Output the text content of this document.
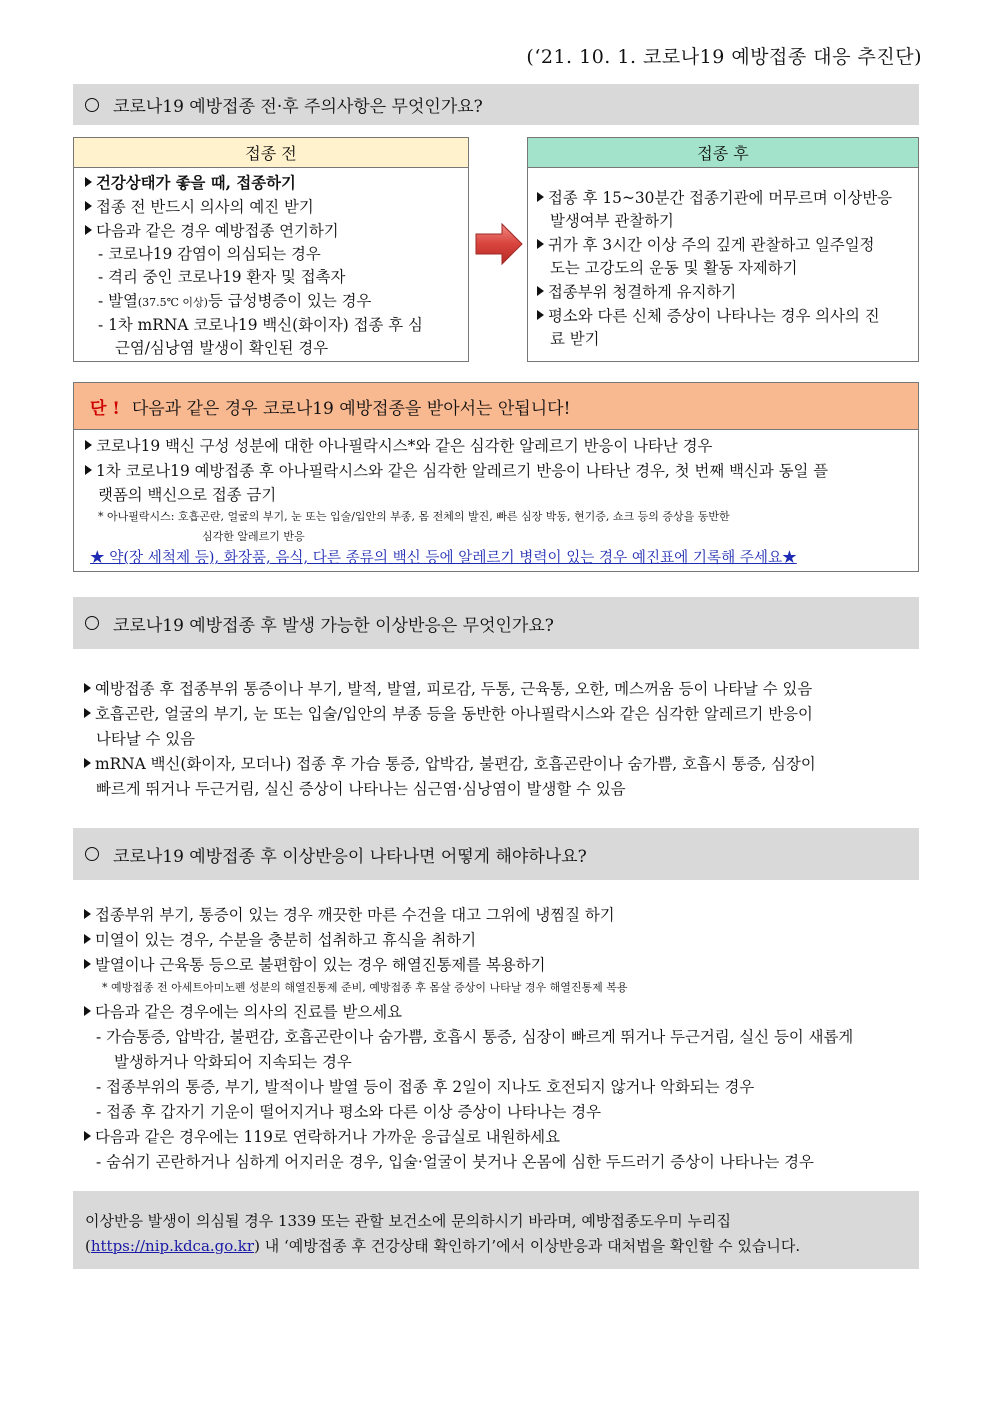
(‘21. 10. 1. 코로나19 예방접종 대응 추진단)
코로나19 예방접종 전·후 주의사항은 무엇인가요?
접종 전
건강상태가 좋을 때, 접종하기
접종 전 반드시 의사의 예진 받기
다음과 같은 경우 예방접종 연기하기
- 코로나19 감염이 의심되는 경우
- 격리 중인 코로나19 환자 및 접촉자
- 발열(37.5℃ 이상)등 급성병증이 있는 경우
- 1차 mRNA 코로나19 백신(화이자) 접종 후 심
근염/심낭염 발생이 확인된 경우
접종 후
접종 후 15~30분간 접종기관에 머무르며 이상반응
발생여부 관찰하기
귀가 후 3시간 이상 주의 깊게 관찰하고 일주일정
도는 고강도의 운동 및 활동 자제하기
접종부위 청결하게 유지하기
평소와 다른 신체 증상이 나타나는 경우 의사의 진
료 받기
단 ! 다음과 같은 경우 코로나19 예방접종을 받아서는 안됩니다!
코로나19 백신 구성 성분에 대한 아나필락시스*와 같은 심각한 알레르기 반응이 나타난 경우
1차 코로나19 예방접종 후 아나필락시스와 같은 심각한 알레르기 반응이 나타난 경우, 첫 번째 백신과 동일 플
랫폼의 백신으로 접종 금기
* 아나필락시스: 호흡곤란, 얼굴의 부기, 눈 또는 입술/입안의 부종, 몸 전체의 발진, 빠른 심장 박동, 현기증, 쇼크 등의 증상을 동반한
심각한 알레르기 반응
★ 약(장 세척제 등), 화장품, 음식, 다른 종류의 백신 등에 알레르기 병력이 있는 경우 예진표에 기록해 주세요★
코로나19 예방접종 후 발생 가능한 이상반응은 무엇인가요?
예방접종 후 접종부위 통증이나 부기, 발적, 발열, 피로감, 두통, 근육통, 오한, 메스꺼움 등이 나타날 수 있음
호흡곤란, 얼굴의 부기, 눈 또는 입술/입안의 부종 등을 동반한 아나필락시스와 같은 심각한 알레르기 반응이
나타날 수 있음
mRNA 백신(화이자, 모더나) 접종 후 가슴 통증, 압박감, 불편감, 호흡곤란이나 숨가쁨, 호흡시 통증, 심장이
빠르게 뛰거나 두근거림, 실신 증상이 나타나는 심근염·심낭염이 발생할 수 있음
코로나19 예방접종 후 이상반응이 나타나면 어떻게 해야하나요?
접종부위 부기, 통증이 있는 경우 깨끗한 마른 수건을 대고 그위에 냉찜질 하기
미열이 있는 경우, 수분을 충분히 섭취하고 휴식을 취하기
발열이나 근육통 등으로 불편함이 있는 경우 해열진통제를 복용하기
* 예방접종 전 아세트아미노펜 성분의 해열진통제 준비, 예방접종 후 몸살 증상이 나타날 경우 해열진통제 복용
다음과 같은 경우에는 의사의 진료를 받으세요
- 가슴통증, 압박감, 불편감, 호흡곤란이나 숨가쁨, 호흡시 통증, 심장이 빠르게 뛰거나 두근거림, 실신 등이 새롭게
발생하거나 악화되어 지속되는 경우
- 접종부위의 통증, 부기, 발적이나 발열 등이 접종 후 2일이 지나도 호전되지 않거나 악화되는 경우
- 접종 후 갑자기 기운이 떨어지거나 평소와 다른 이상 증상이 나타나는 경우
다음과 같은 경우에는 119로 연락하거나 가까운 응급실로 내원하세요
- 숨쉬기 곤란하거나 심하게 어지러운 경우, 입술·얼굴이 붓거나 온몸에 심한 두드러기 증상이 나타나는 경우
이상반응 발생이 의심될 경우 1339 또는 관할 보건소에 문의하시기 바라며, 예방접종도우미 누리집
(https://nip.kdca.go.kr) 내 ‘예방접종 후 건강상태 확인하기’에서 이상반응과 대처법을 확인할 수 있습니다.
